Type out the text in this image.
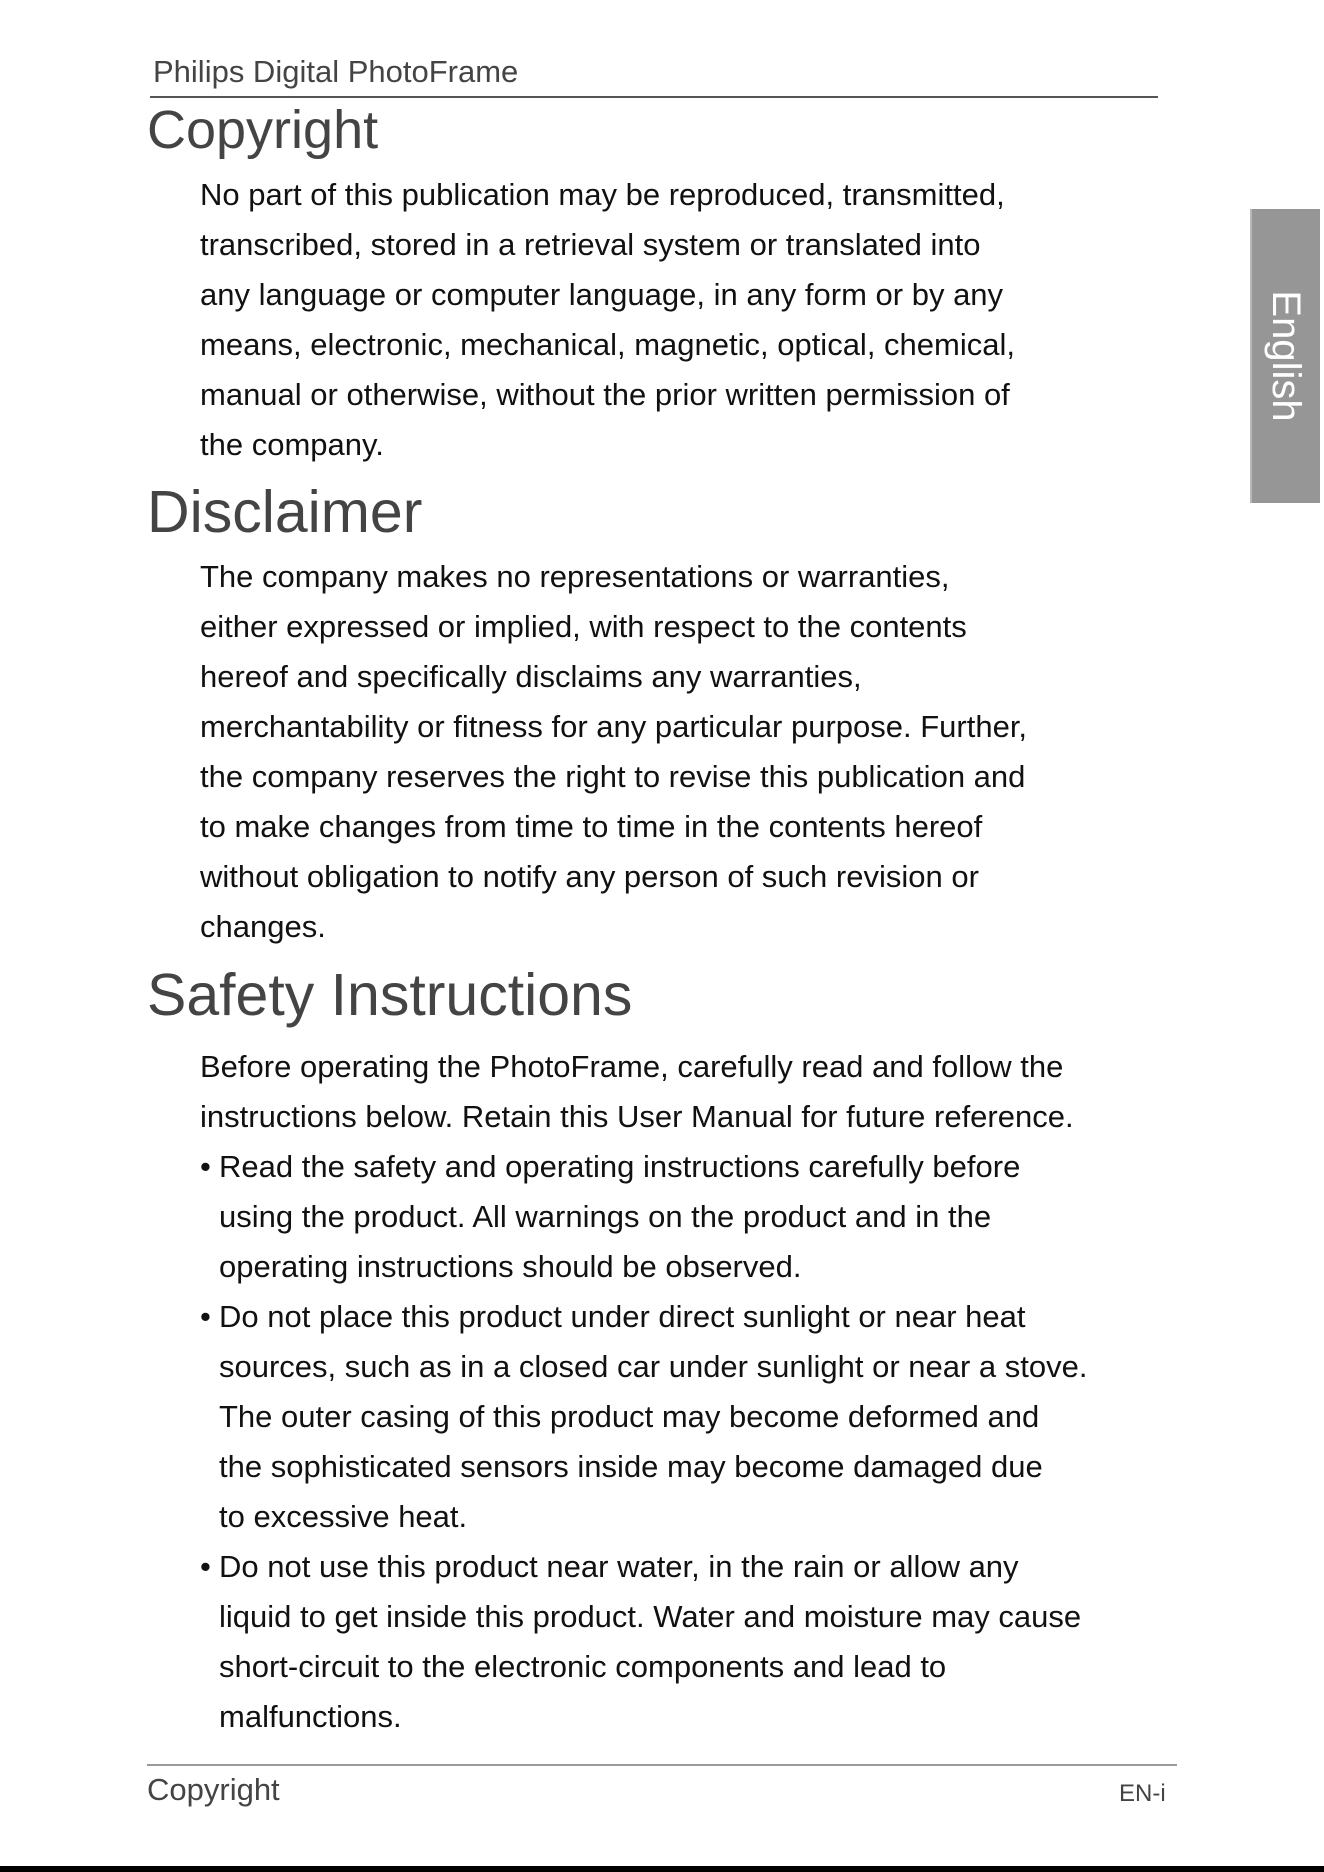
Philips Digital PhotoFrame
English
Copyright
No part of this publication may be reproduced, transmitted,
transcribed, stored in a retrieval system or translated into
any language or computer language, in any form or by any
means, electronic, mechanical, magnetic, optical, chemical,
manual or otherwise, without the prior written permission of
the company.
Disclaimer
The company makes no representations or warranties,
either expressed or implied, with respect to the contents
hereof and specifically disclaims any warranties,
merchantability or fitness for any particular purpose. Further,
the company reserves the right to revise this publication and
to make changes from time to time in the contents hereof
without obligation to notify any person of such revision or
changes.
Safety Instructions
Before operating the PhotoFrame, carefully read and follow the
instructions below. Retain this User Manual for future reference.
• Read the safety and operating instructions carefully before
using the product. All warnings on the product and in the
operating instructions should be observed.
• Do not place this product under direct sunlight or near heat
sources, such as in a closed car under sunlight or near a stove.
The outer casing of this product may become deformed and
the sophisticated sensors inside may become damaged due
to excessive heat.
• Do not use this product near water, in the rain or allow any
liquid to get inside this product. Water and moisture may cause
short-circuit to the electronic components and lead to
malfunctions.
Copyright	EN-i
